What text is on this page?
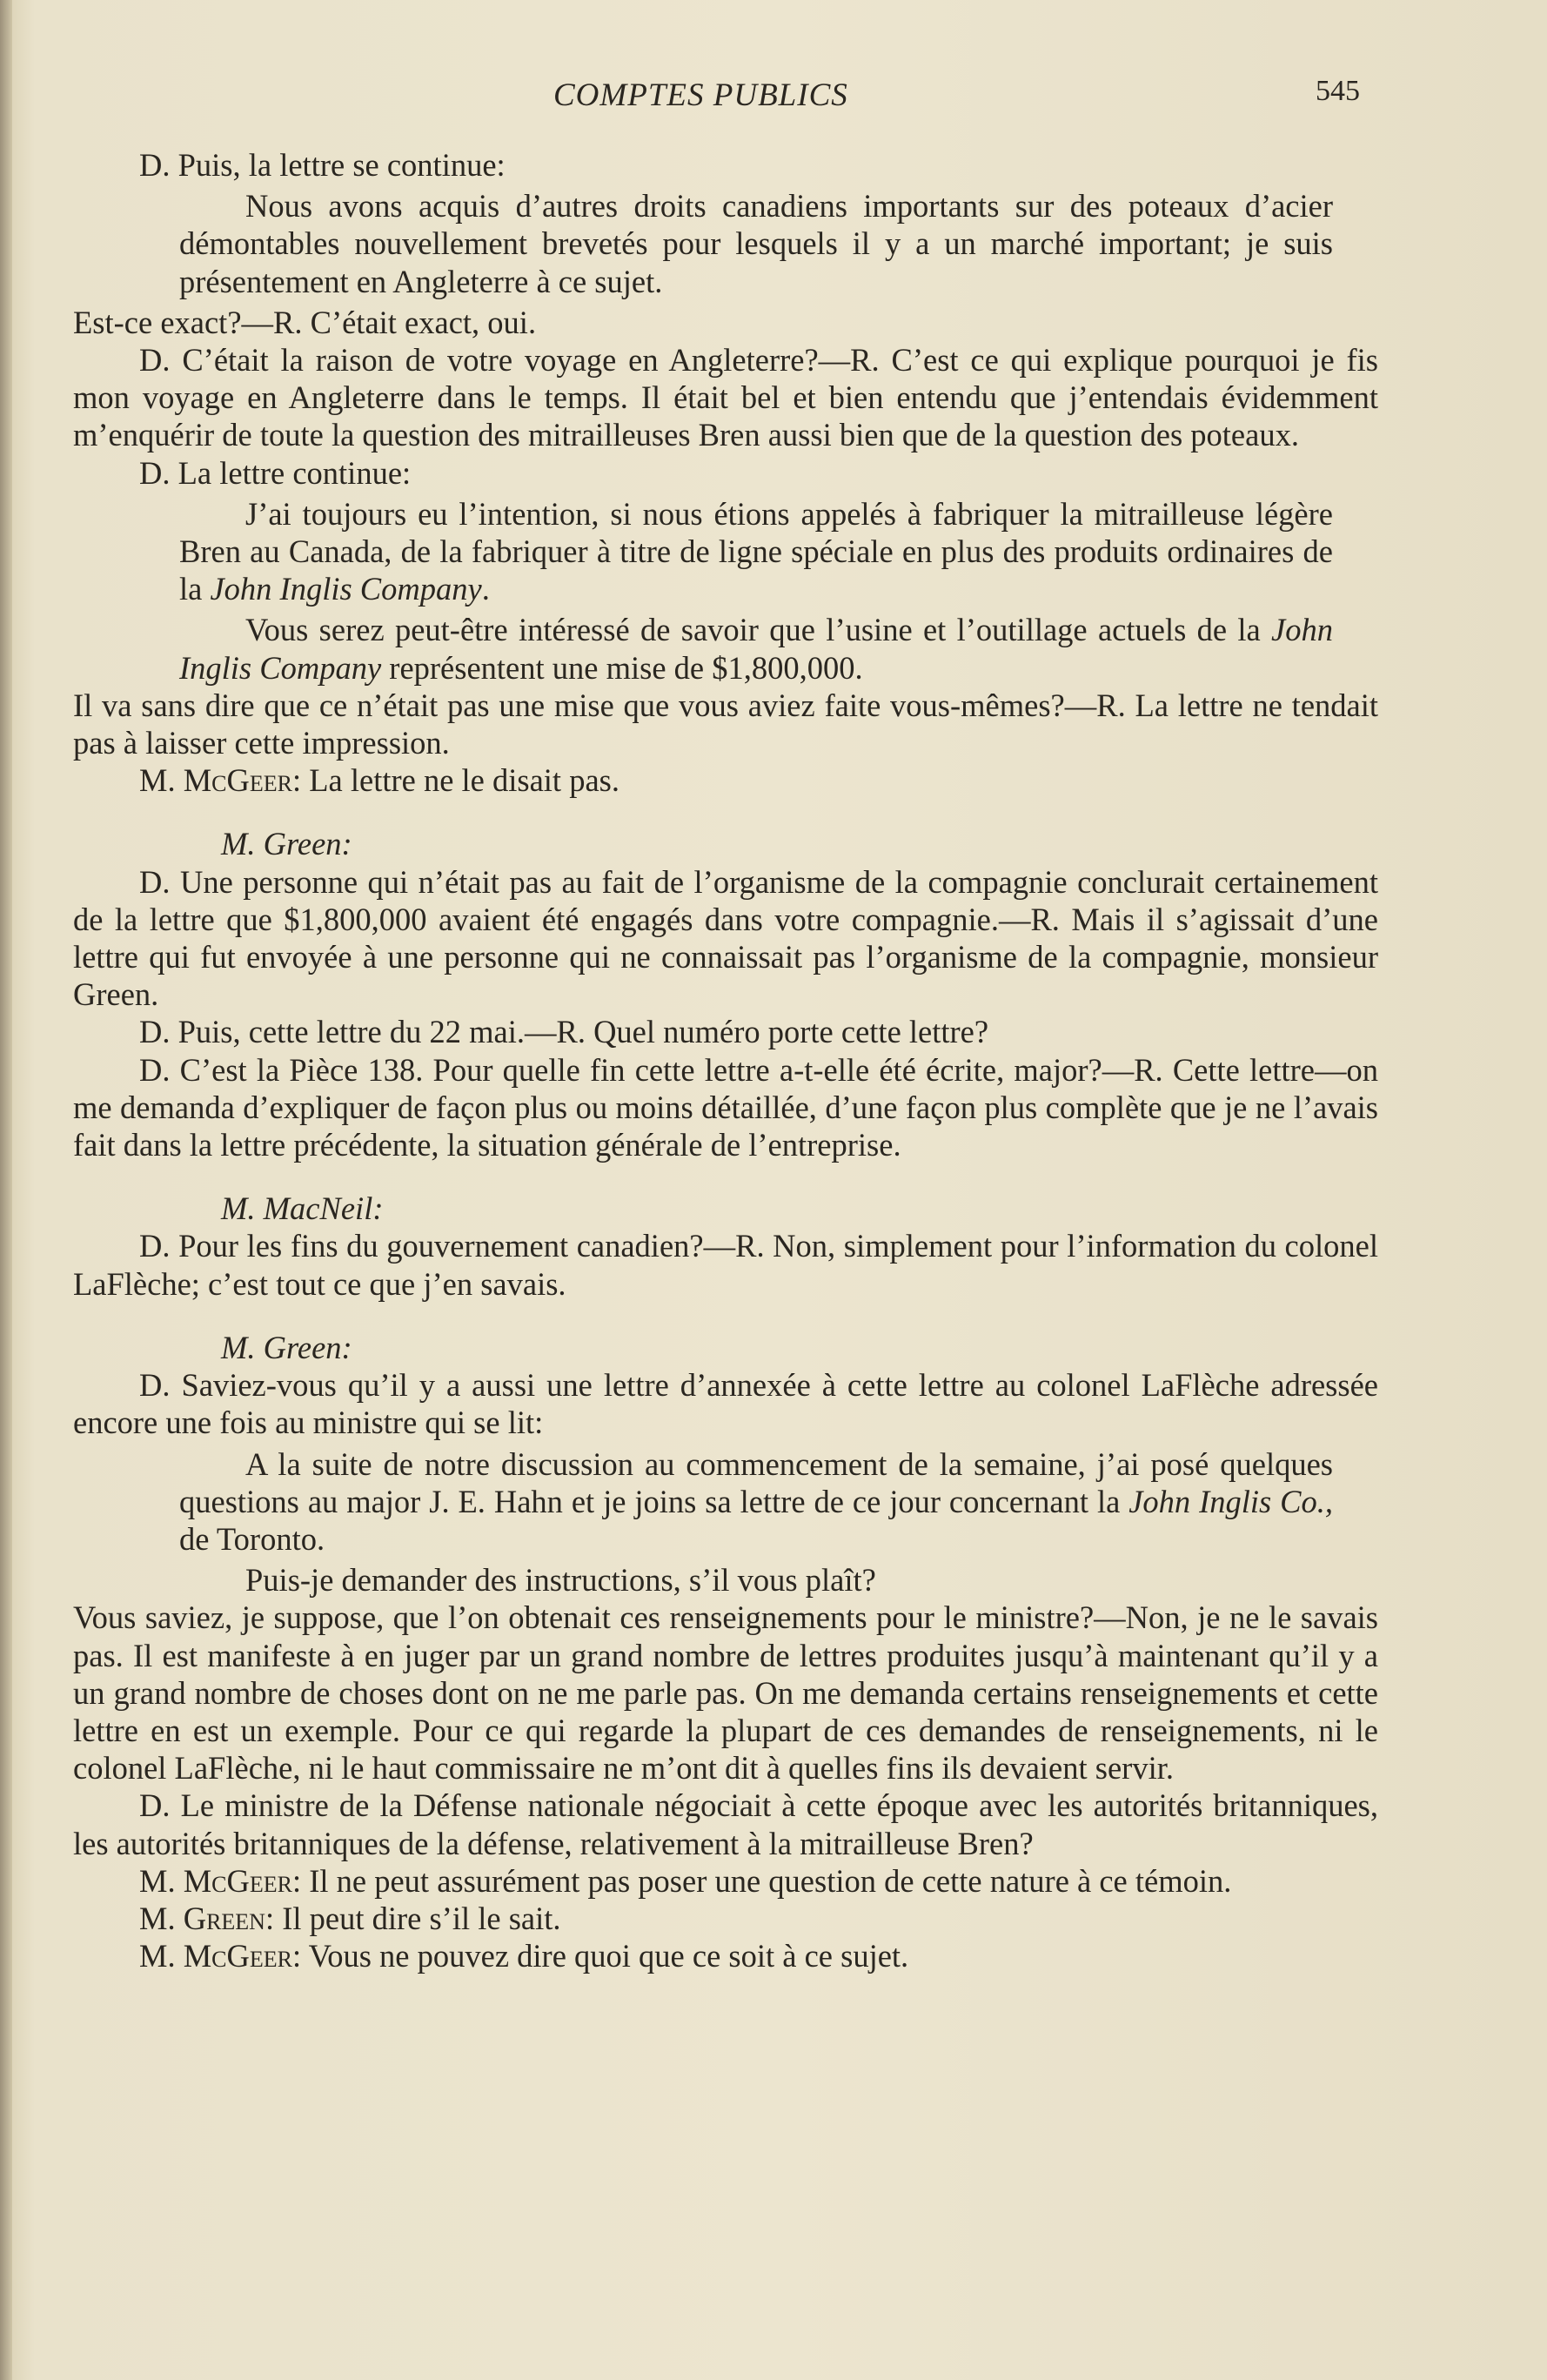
COMPTES PUBLICS	545

D. Puis, la lettre se continue:

Nous avons acquis d’autres droits canadiens importants sur des poteaux d’acier démontables nouvellement brevetés pour lesquels il y a un marché important; je suis présentement en Angleterre à ce sujet.

Est-ce exact?—R. C’était exact, oui.

D. C’était la raison de votre voyage en Angleterre?—R. C’est ce qui explique pourquoi je fis mon voyage en Angleterre dans le temps. Il était bel et bien entendu que j’entendais évidemment m’enquérir de toute la question des mitrailleuses Bren aussi bien que de la question des poteaux.

D. La lettre continue:

J’ai toujours eu l’intention, si nous étions appelés à fabriquer la mitrailleuse légère Bren au Canada, de la fabriquer à titre de ligne spéciale en plus des produits ordinaires de la John Inglis Company.

Vous serez peut-être intéressé de savoir que l’usine et l’outillage actuels de la John Inglis Company représentent une mise de $1,800,000.

Il va sans dire que ce n’était pas une mise que vous aviez faite vous-mêmes?—R. La lettre ne tendait pas à laisser cette impression.

M. McGeer: La lettre ne le disait pas.

M. Green:

D. Une personne qui n’était pas au fait de l’organisme de la compagnie conclurait certainement de la lettre que $1,800,000 avaient été engagés dans votre compagnie.—R. Mais il s’agissait d’une lettre qui fut envoyée à une personne qui ne connaissait pas l’organisme de la compagnie, monsieur Green.

D. Puis, cette lettre du 22 mai.—R. Quel numéro porte cette lettre?

D. C’est la Pièce 138. Pour quelle fin cette lettre a-t-elle été écrite, major?—R. Cette lettre—on me demanda d’expliquer de façon plus ou moins détaillée, d’une façon plus complète que je ne l’avais fait dans la lettre précédente, la situation générale de l’entreprise.

M. MacNeil:

D. Pour les fins du gouvernement canadien?—R. Non, simplement pour l’information du colonel LaFlèche; c’est tout ce que j’en savais.

M. Green:

D. Saviez-vous qu’il y a aussi une lettre d’annexée à cette lettre au colonel LaFlèche adressée encore une fois au ministre qui se lit:

A la suite de notre discussion au commencement de la semaine, j’ai posé quelques questions au major J. E. Hahn et je joins sa lettre de ce jour concernant la John Inglis Co., de Toronto.

Puis-je demander des instructions, s’il vous plaît?

Vous saviez, je suppose, que l’on obtenait ces renseignements pour le ministre?—Non, je ne le savais pas. Il est manifeste à en juger par un grand nombre de lettres produites jusqu’à maintenant qu’il y a un grand nombre de choses dont on ne me parle pas. On me demanda certains renseignements et cette lettre en est un exemple. Pour ce qui regarde la plupart de ces demandes de renseignements, ni le colonel LaFlèche, ni le haut commissaire ne m’ont dit à quelles fins ils devaient servir.

D. Le ministre de la Défense nationale négociait à cette époque avec les autorités britanniques, les autorités britanniques de la défense, relativement à la mitrailleuse Bren?

M. McGeer: Il ne peut assurément pas poser une question de cette nature à ce témoin.

M. Green: Il peut dire s’il le sait.

M. McGeer: Vous ne pouvez dire quoi que ce soit à ce sujet.
